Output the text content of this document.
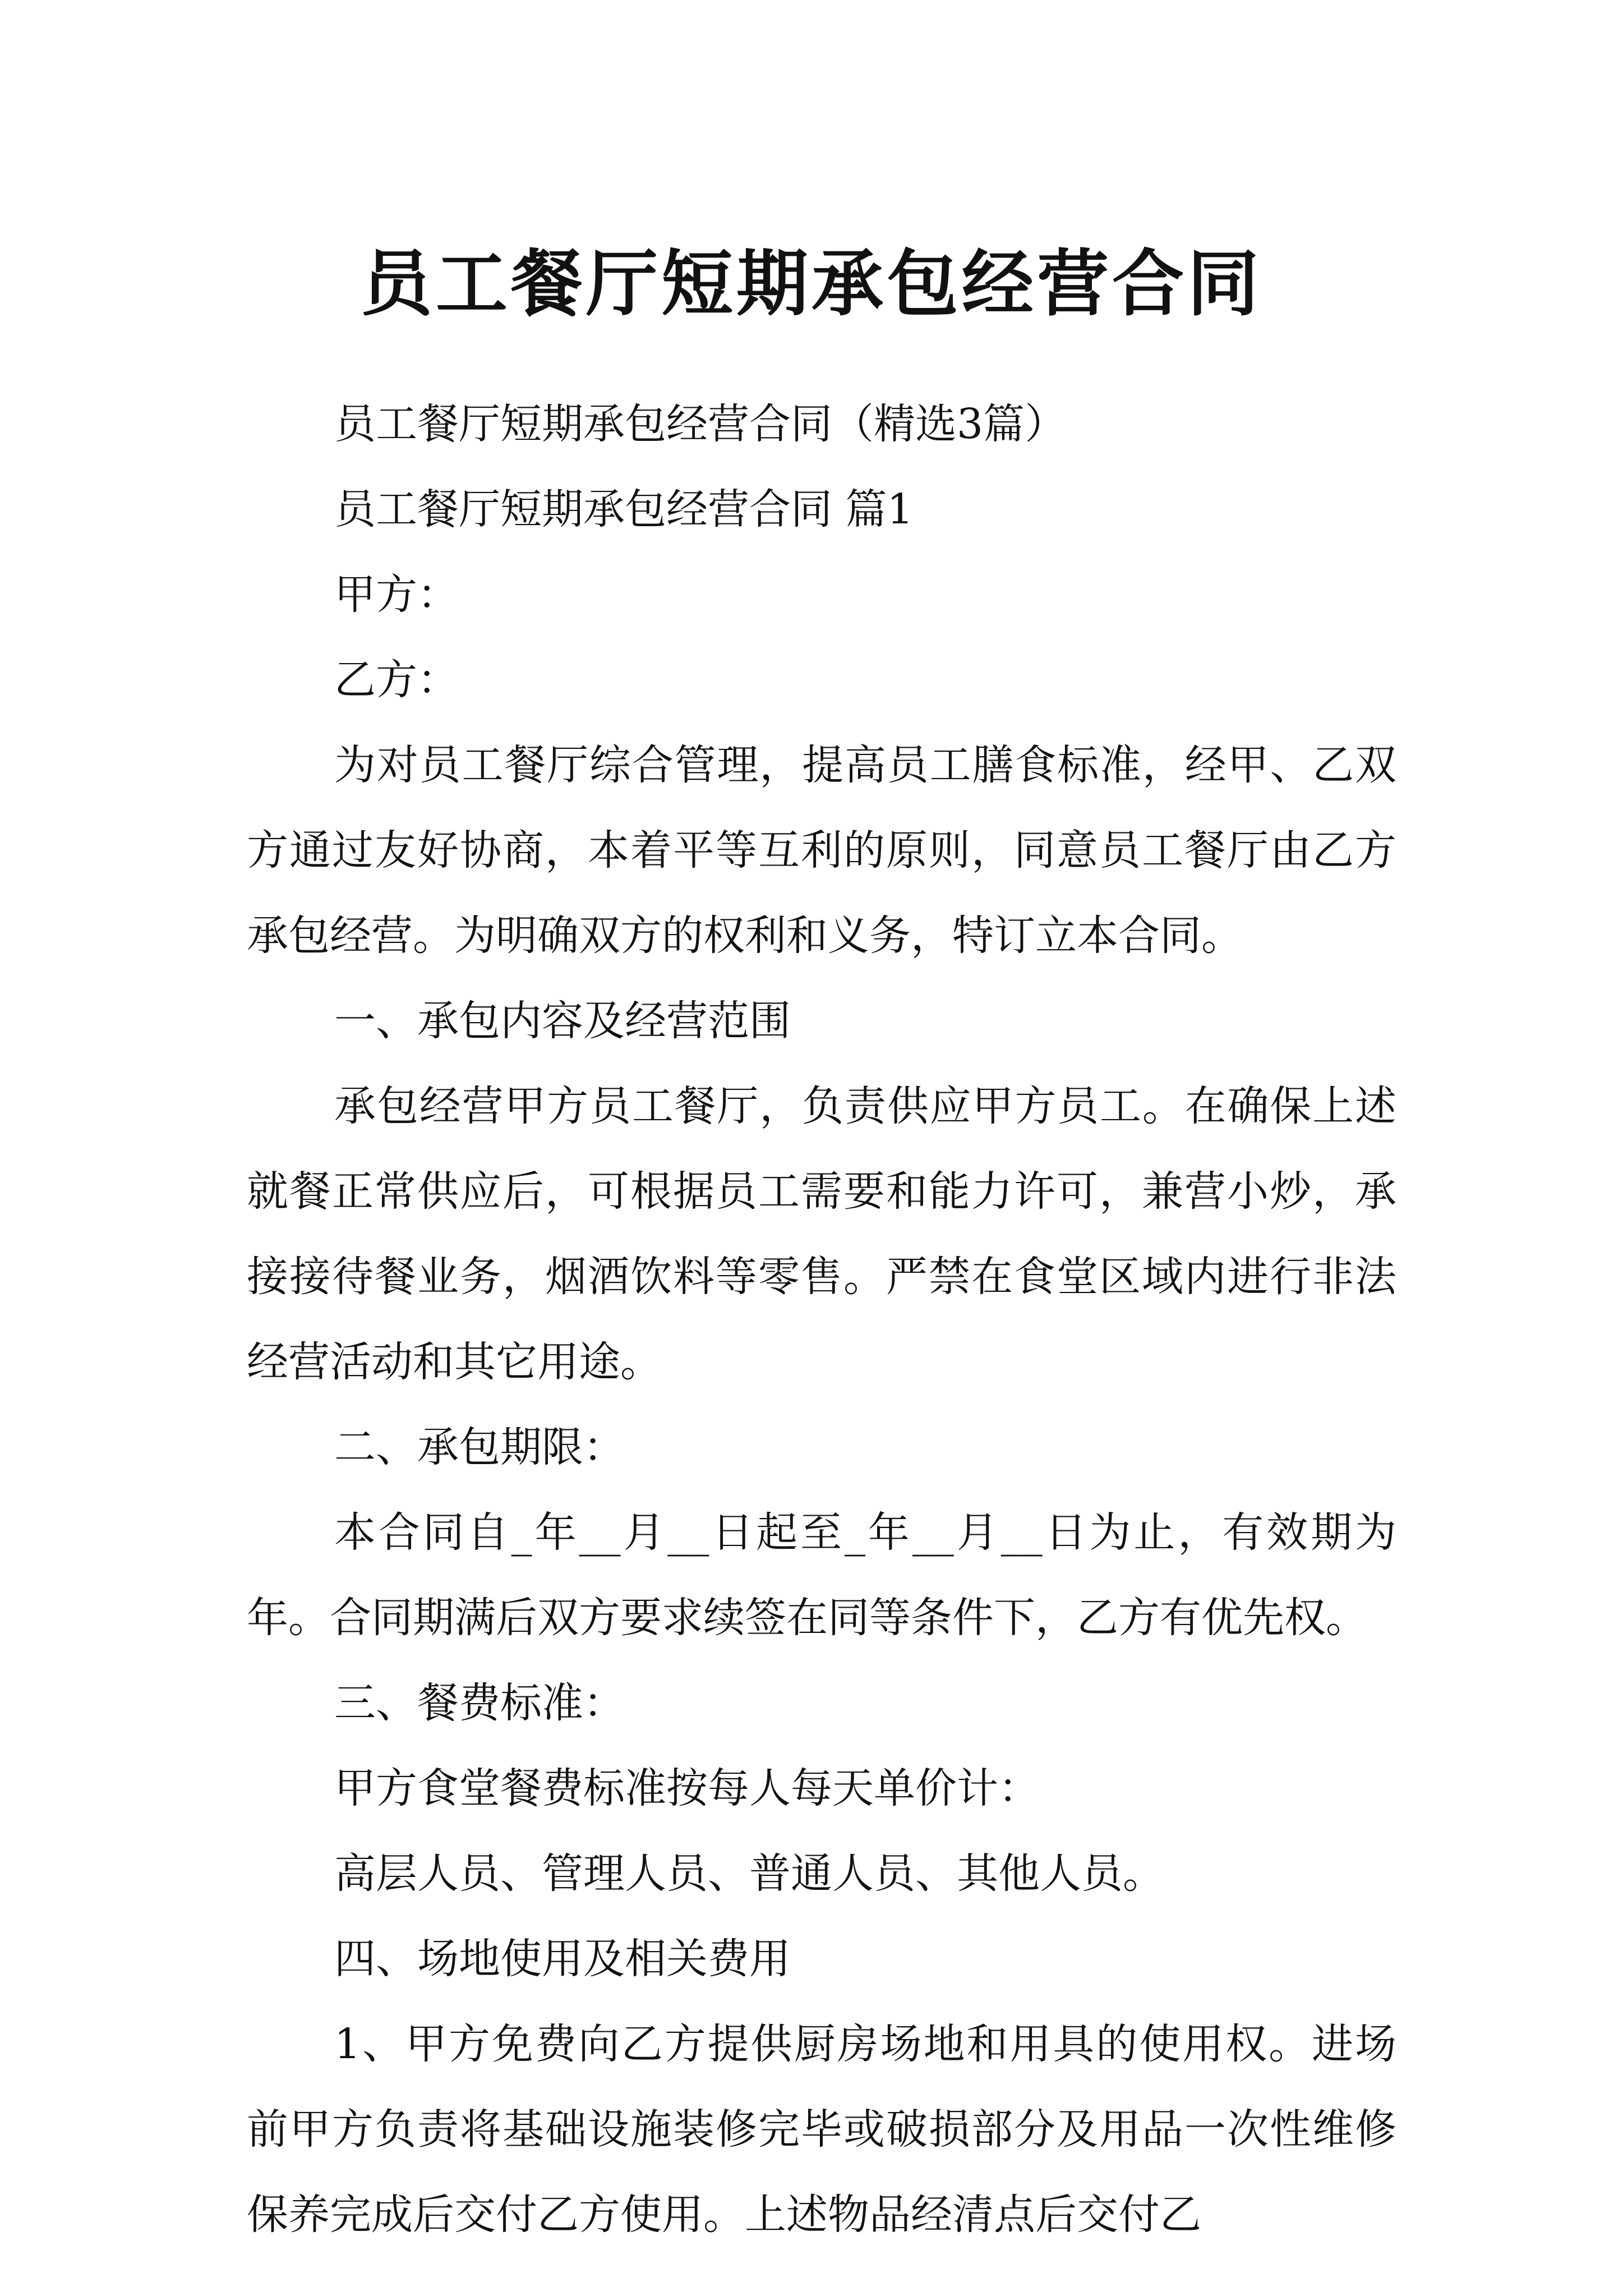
员工餐厅短期承包经营合同

员工餐厅短期承包经营合同（精选3篇）

员工餐厅短期承包经营合同 篇1

甲方：

乙方：

为对员工餐厅综合管理，提高员工膳食标准，经甲、乙双方通过友好协商，本着平等互利的原则，同意员工餐厅由乙方承包经营。为明确双方的权利和义务，特订立本合同。

一、承包内容及经营范围

承包经营甲方员工餐厅，负责供应甲方员工。在确保上述就餐正常供应后，可根据员工需要和能力许可，兼营小炒，承接接待餐业务，烟酒饮料等零售。严禁在食堂区域内进行非法经营活动和其它用途。

二、承包期限：

本合同自_年__月__日起至_年__月__日为止，有效期为年。合同期满后双方要求续签在同等条件下，乙方有优先权。

三、餐费标准：

甲方食堂餐费标准按每人每天单价计：

高层人员、管理人员、普通人员、其他人员。

四、场地使用及相关费用

1、甲方免费向乙方提供厨房场地和用具的使用权。进场前甲方负责将基础设施装修完毕或破损部分及用品一次性维修保养完成后交付乙方使用。上述物品经清点后交付乙
